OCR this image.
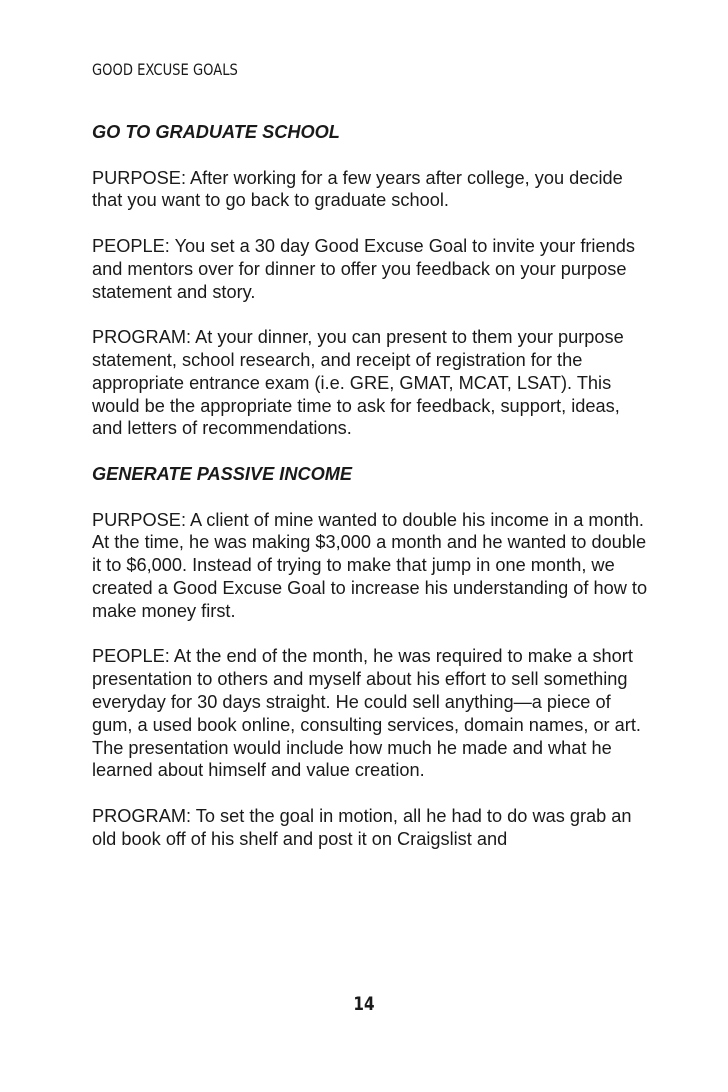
GOOD EXCUSE GOALS
GO TO GRADUATE SCHOOL

PURPOSE: After working for a few years after college, you decide that you want to go back to graduate school.

PEOPLE: You set a 30 day Good Excuse Goal to invite your friends and mentors over for dinner to offer you feedback on your purpose statement and story.

PROGRAM: At your dinner, you can present to them your purpose statement, school research, and receipt of registration for the appropriate entrance exam (i.e. GRE, GMAT, MCAT, LSAT). This would be the appropriate time to ask for feedback, support, ideas, and letters of recommendations.

GENERATE PASSIVE INCOME

PURPOSE: A client of mine wanted to double his income in a month. At the time, he was making $3,000 a month and he wanted to double it to $6,000. Instead of trying to make that jump in one month, we created a Good Excuse Goal to increase his understanding of how to make money first.

PEOPLE: At the end of the month, he was required to make a short presentation to others and myself about his effort to sell something everyday for 30 days straight. He could sell anything—a piece of gum, a used book online, consulting services, domain names, or art. The presentation would include how much he made and what he learned about himself and value creation.

PROGRAM: To set the goal in motion, all he had to do was grab an old book off of his shelf and post it on Craigslist and

14
